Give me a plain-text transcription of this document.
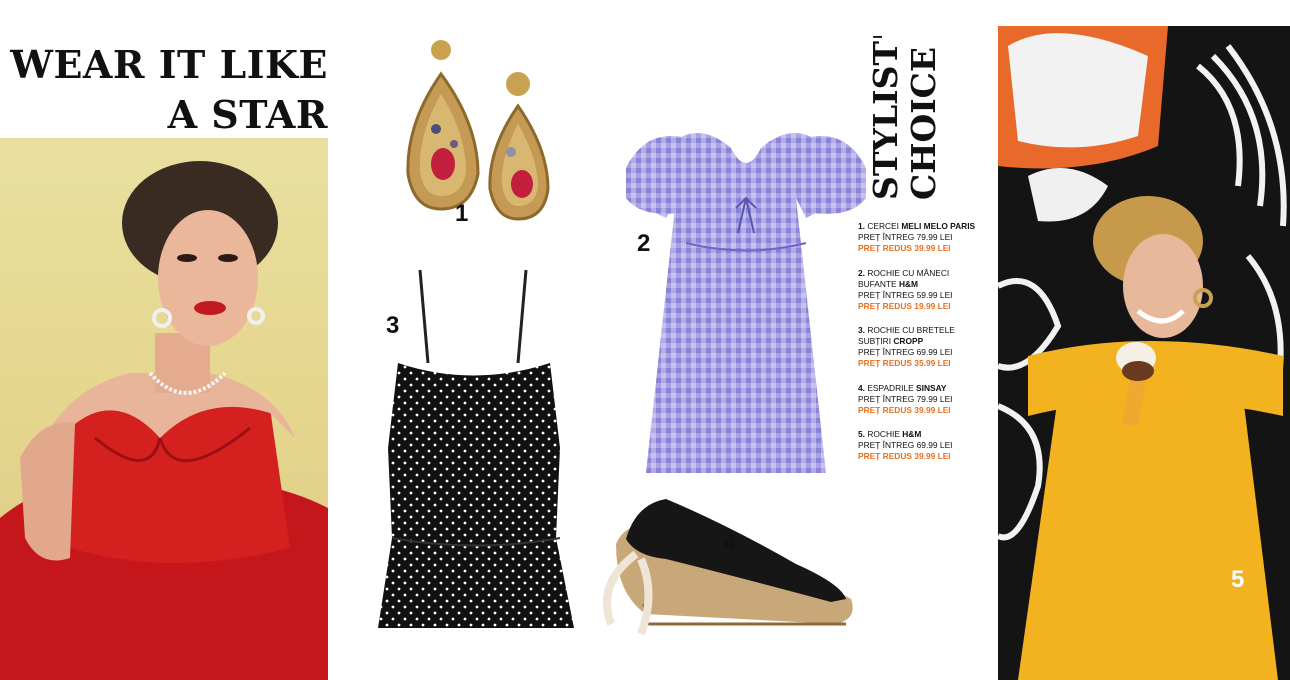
WEAR IT LIKE
A STAR
1
2
3
4
STYLIST'S CHOICE
1. CERCEI MELI MELO PARIS
PREȚ ÎNTREG 79.99 LEI
PREȚ REDUS 39.99 LEI
2. ROCHIE CU MÂNECI
BUFANTE H&M
PREȚ ÎNTREG 59.99 LEI
PREȚ REDUS 19.99 LEI
3. ROCHIE CU BRETELE
SUBȚIRI CROPP
PREȚ ÎNTREG 69.99 LEI
PREȚ REDUS 35.99 LEI
4. ESPADRILE SINSAY
PREȚ ÎNTREG 79.99 LEI
PREȚ REDUS 39.99 LEI
5. ROCHIE H&M
PREȚ ÎNTREG 69.99 LEI
PREȚ REDUS 39.99 LEI
5
